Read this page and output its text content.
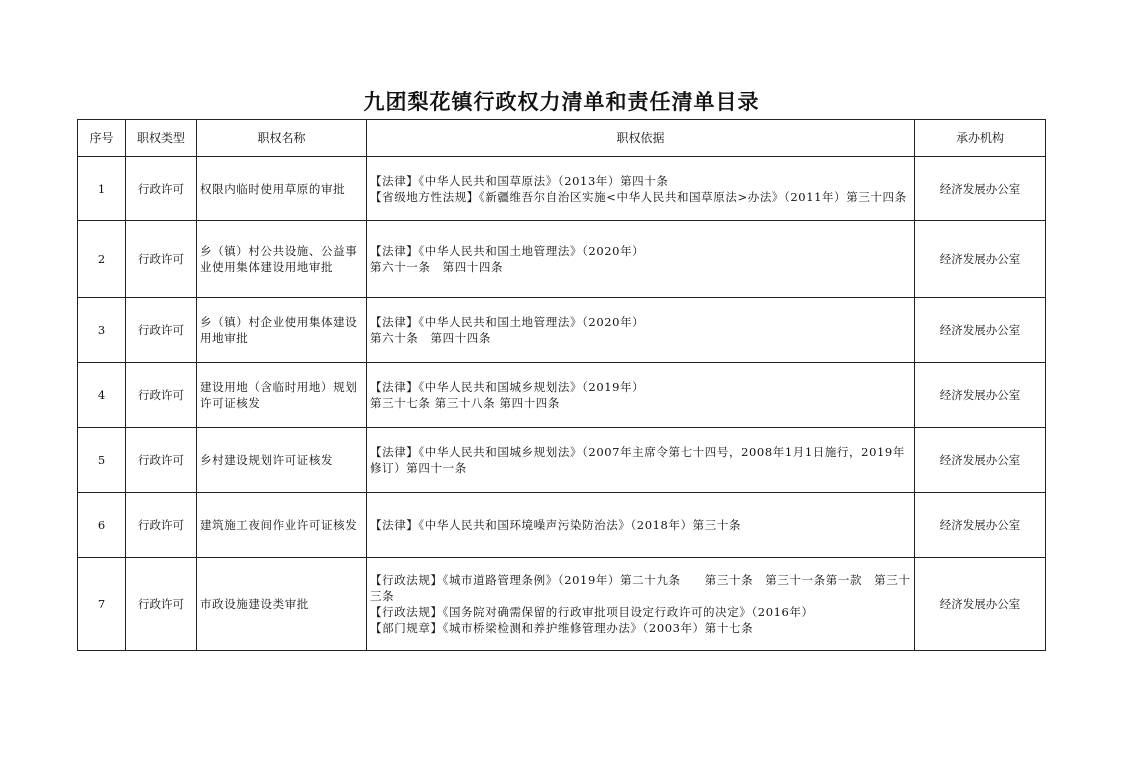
九团梨花镇行政权力清单和责任清单目录
序号	职权类型	职权名称	职权依据	承办机构
1	行政许可	权限内临时使用草原的审批	【法律】《中华人民共和国草原法》（2013年）第四十条
【省级地方性法规】《新疆维吾尔自治区实施<中华人民共和国草原法>办法》（2011年）第三十四条	经济发展办公室
2	行政许可	乡（镇）村公共设施、公益事业使用集体建设用地审批	【法律】《中华人民共和国土地管理法》（2020年）
第六十一条　第四十四条	经济发展办公室
3	行政许可	乡（镇）村企业使用集体建设用地审批	【法律】《中华人民共和国土地管理法》（2020年）
第六十条　第四十四条	经济发展办公室
4	行政许可	建设用地（含临时用地）规划许可证核发	【法律】《中华人民共和国城乡规划法》（2019年）
第三十七条 第三十八条 第四十四条	经济发展办公室
5	行政许可	乡村建设规划许可证核发	【法律】《中华人民共和国城乡规划法》（2007年主席令第七十四号，2008年1月1日施行，2019年修订）第四十一条	经济发展办公室
6	行政许可	建筑施工夜间作业许可证核发	【法律】《中华人民共和国环境噪声污染防治法》（2018年）第三十条	经济发展办公室
7	行政许可	市政设施建设类审批	【行政法规】《城市道路管理条例》（2019年）第二十九条　　第三十条　第三十一条第一款　第三十三条
【行政法规】《国务院对确需保留的行政审批项目设定行政许可的决定》（2016年）
【部门规章】《城市桥梁检测和养护维修管理办法》（2003年）第十七条	经济发展办公室
